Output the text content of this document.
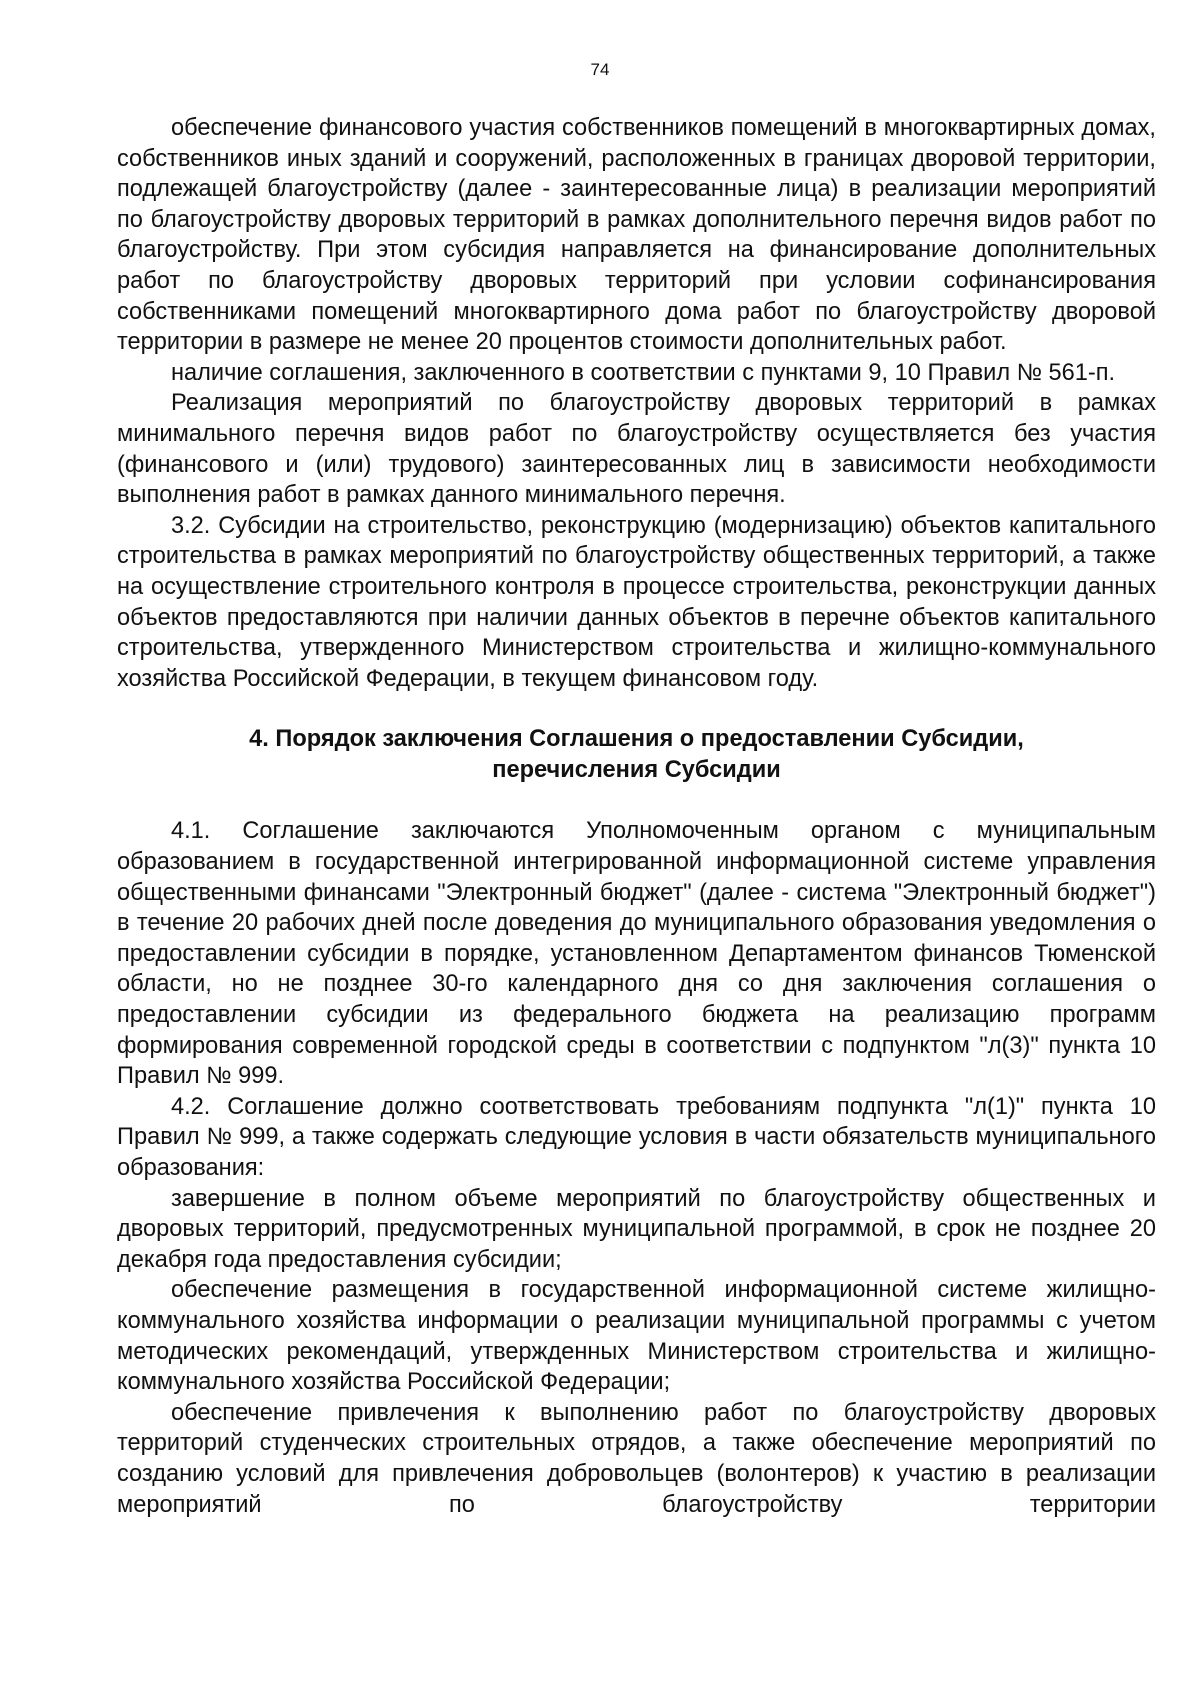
74

обеспечение финансового участия собственников помещений в многоквартирных домах, собственников иных зданий и сооружений, расположенных в границах дворовой территории, подлежащей благоустройству (далее - заинтересованные лица) в реализации мероприятий по благоустройству дворовых территорий в рамках дополнительного перечня видов работ по благоустройству. При этом субсидия направляется на финансирование дополнительных работ по благоустройству дворовых территорий при условии софинансирования собственниками помещений многоквартирного дома работ по благоустройству дворовой территории в размере не менее 20 процентов стоимости дополнительных работ.

наличие соглашения, заключенного в соответствии с пунктами 9, 10 Правил № 561-п.

Реализация мероприятий по благоустройству дворовых территорий в рамках минимального перечня видов работ по благоустройству осуществляется без участия (финансового и (или) трудового) заинтересованных лиц в зависимости необходимости выполнения работ в рамках данного минимального перечня.

3.2. Субсидии на строительство, реконструкцию (модернизацию) объектов капитального строительства в рамках мероприятий по благоустройству общественных территорий, а также на осуществление строительного контроля в процессе строительства, реконструкции данных объектов предоставляются при наличии данных объектов в перечне объектов капитального строительства, утвержденного Министерством строительства и жилищно-коммунального хозяйства Российской Федерации, в текущем финансовом году.

4. Порядок заключения Соглашения о предоставлении Субсидии,
перечисления Субсидии

4.1. Соглашение заключаются Уполномоченным органом с муниципальным образованием в государственной интегрированной информационной системе управления общественными финансами "Электронный бюджет" (далее - система "Электронный бюджет") в течение 20 рабочих дней после доведения до муниципального образования уведомления о предоставлении субсидии в порядке, установленном Департаментом финансов Тюменской области, но не позднее 30-го календарного дня со дня заключения соглашения о предоставлении субсидии из федерального бюджета на реализацию программ формирования современной городской среды в соответствии с подпунктом "л(3)" пункта 10 Правил № 999.

4.2. Соглашение должно соответствовать требованиям подпункта "л(1)" пункта 10 Правил № 999, а также содержать следующие условия в части обязательств муниципального образования:

завершение в полном объеме мероприятий по благоустройству общественных и дворовых территорий, предусмотренных муниципальной программой, в срок не позднее 20 декабря года предоставления субсидии;

обеспечение размещения в государственной информационной системе жилищно-коммунального хозяйства информации о реализации муниципальной программы с учетом методических рекомендаций, утвержденных Министерством строительства и жилищно-коммунального хозяйства Российской Федерации;

обеспечение привлечения к выполнению работ по благоустройству дворовых территорий студенческих строительных отрядов, а также обеспечение мероприятий по созданию условий для привлечения добровольцев (волонтеров) к участию в реализации мероприятий по благоустройству территории
